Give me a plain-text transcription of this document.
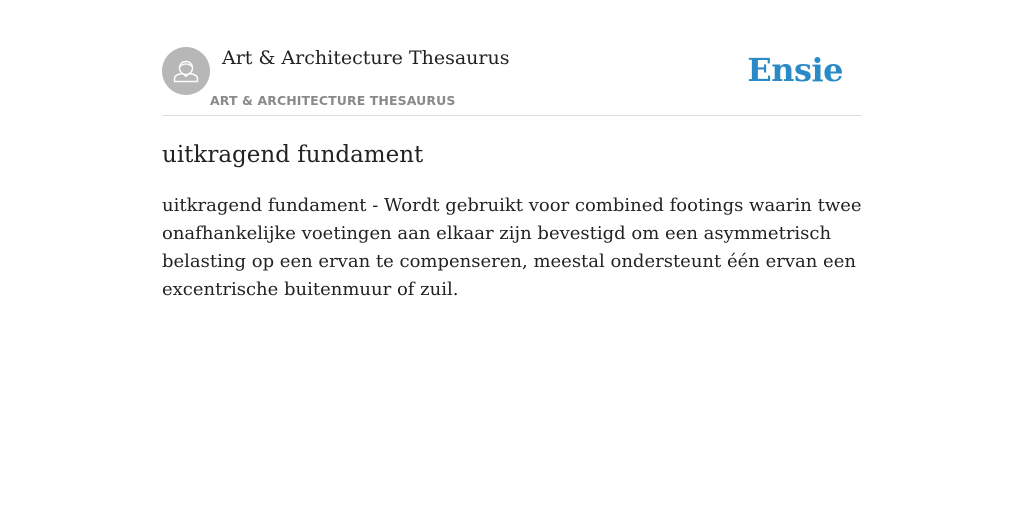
Art & Architecture Thesaurus
ART & ARCHITECTURE THESAURUS
Ensie
uitkragend fundament

uitkragend fundament - Wordt gebruikt voor combined footings waarin twee onafhankelijke voetingen aan elkaar zijn bevestigd om een asymmetrisch belasting op een ervan te compenseren, meestal ondersteunt één ervan een excentrische buitenmuur of zuil.
